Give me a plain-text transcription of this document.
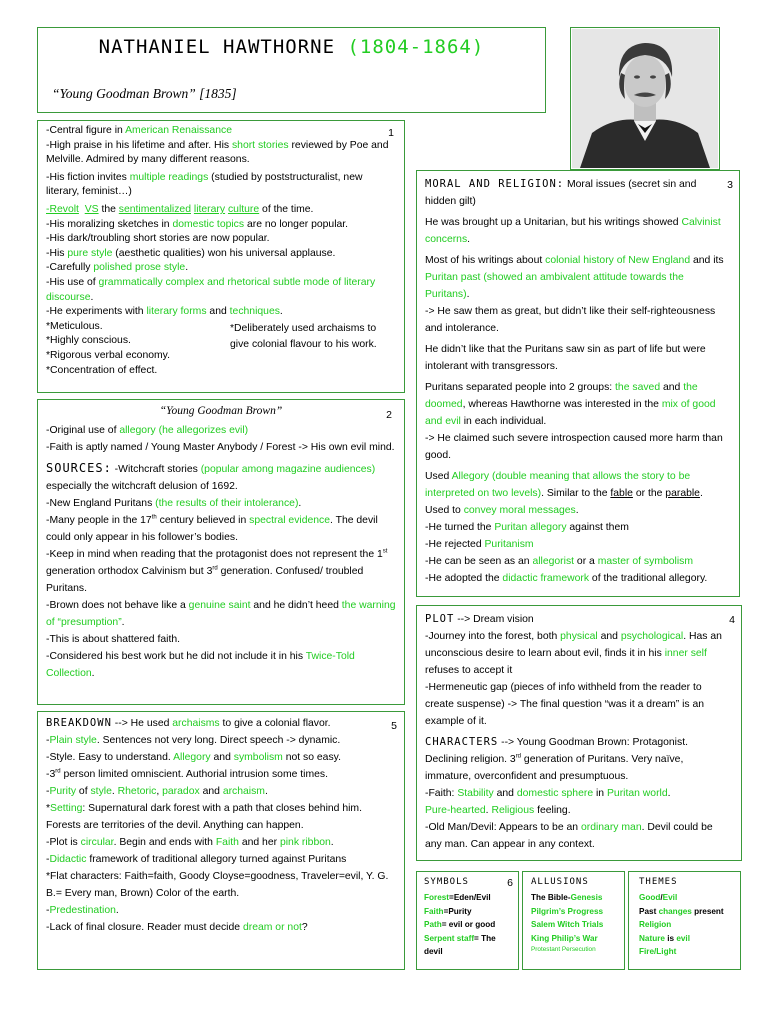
NATHANIEL HAWTHORNE (1804-1864)
“Young Goodman Brown” [1835]
1

-Central figure in American Renaissance

-High praise in his lifetime and after. His short stories reviewed by Poe and Melville. Admired by many different reasons.

-His fiction invites multiple readings (studied by poststructuralist, new literary, feminist…)

-Revolt VS the sentimentalized literary culture of the time.

-His moralizing sketches in domestic topics are no longer popular.

-His dark/troubling short stories are now popular.

-His pure style (aesthetic qualities) won his universal applause.

-Carefully polished prose style.

-His use of grammatically complex and rhetorical subtle mode of literary discourse.

-He experiments with literary forms and techniques.

*Meticulous.

*Highly conscious.

*Rigorous verbal economy.

*Concentration of effect.

*Deliberately used archaisms to give colonial flavour to his work.
2
“Young Goodman Brown”

-Original use of allegory (he allegorizes evil)

-Faith is aptly named / Young Master Anybody / Forest -> His own evil mind.

SOURCES: -Witchcraft stories (popular among magazine audiences) especially the witchcraft delusion of 1692.

-New England Puritans (the results of their intolerance).

-Many people in the 17th century believed in spectral evidence. The devil could only appear in his follower’s bodies.

-Keep in mind when reading that the protagonist does not represent the 1st generation orthodox Calvinism but 3rd generation. Confused/ troubled Puritans.

-Brown does not behave like a genuine saint and he didn’t heed the warning of “presumption”.

-This is about shattered faith.

-Considered his best work but he did not include it in his Twice-Told Collection.

5

BREAKDOWN --> He used archaisms to give a colonial flavor.

-Plain style. Sentences not very long. Direct speech -> dynamic.

-Style. Easy to understand. Allegory and symbolism not so easy.

-3rd person limited omniscient. Authorial intrusion some times.

-Purity of style. Rhetoric, paradox and archaism.

*Setting: Supernatural dark forest with a path that closes behind him. Forests are territories of the devil. Anything can happen.

-Plot is circular. Begin and ends with Faith and her pink ribbon.

-Didactic framework of traditional allegory turned against Puritans

*Flat characters: Faith=faith, Goody Cloyse=goodness, Traveler=evil, Y. G. B.= Every man, Brown) Color of the earth.

-Predestination.

-Lack of final closure. Reader must decide dream or not?

3

MORAL AND RELIGION: Moral issues (secret sin and hidden gilt)

He was brought up a Unitarian, but his writings showed Calvinist concerns.

Most of his writings about colonial history of New England and its Puritan past (showed an ambivalent attitude towards the Puritans).

-> He saw them as great, but didn’t like their self-righteousness and intolerance.

He didn’t like that the Puritans saw sin as part of life but were intolerant with transgressors.

Puritans separated people into 2 groups: the saved and the doomed, whereas Hawthorne was interested in the mix of good and evil in each individual.

-> He claimed such severe introspection caused more harm than good.

Used Allegory (double meaning that allows the story to be interpreted on two levels). Similar to the fable or the parable. Used to convey moral messages.

-He turned the Puritan allegory against them

-He rejected Puritanism

-He can be seen as an allegorist or a master of symbolism

-He adopted the didactic framework of the traditional allegory.

4

PLOT --> Dream vision

-Journey into the forest, both physical and psychological. Has an unconscious desire to learn about evil, finds it in his inner self refuses to accept it

-Hermeneutic gap (pieces of info withheld from the reader to create suspense) -> The final question “was it a dream” is an example of it.

CHARACTERS --> Young Goodman Brown: Protagonist. Declining religion. 3rd generation of Puritans. Very naïve, immature, overconfident and presumptuous.

-Faith: Stability and domestic sphere in Puritan world.

Pure-hearted. Religious feeling.

-Old Man/Devil: Appears to be an ordinary man. Devil could be any man. Can appear in any context.

6
SYMBOLS

Forest=Eden/Evil

Faith=Purity

Path= evil or good

Serpent staff= The devil

ALLUSIONS

The Bible-Genesis

Pilgrim’s Progress

Salem Witch Trials

King Philip’s War

Protestant Persecution

THEMES

Good/Evil

Past changes present

Religion

Nature is evil

Fire/Light
